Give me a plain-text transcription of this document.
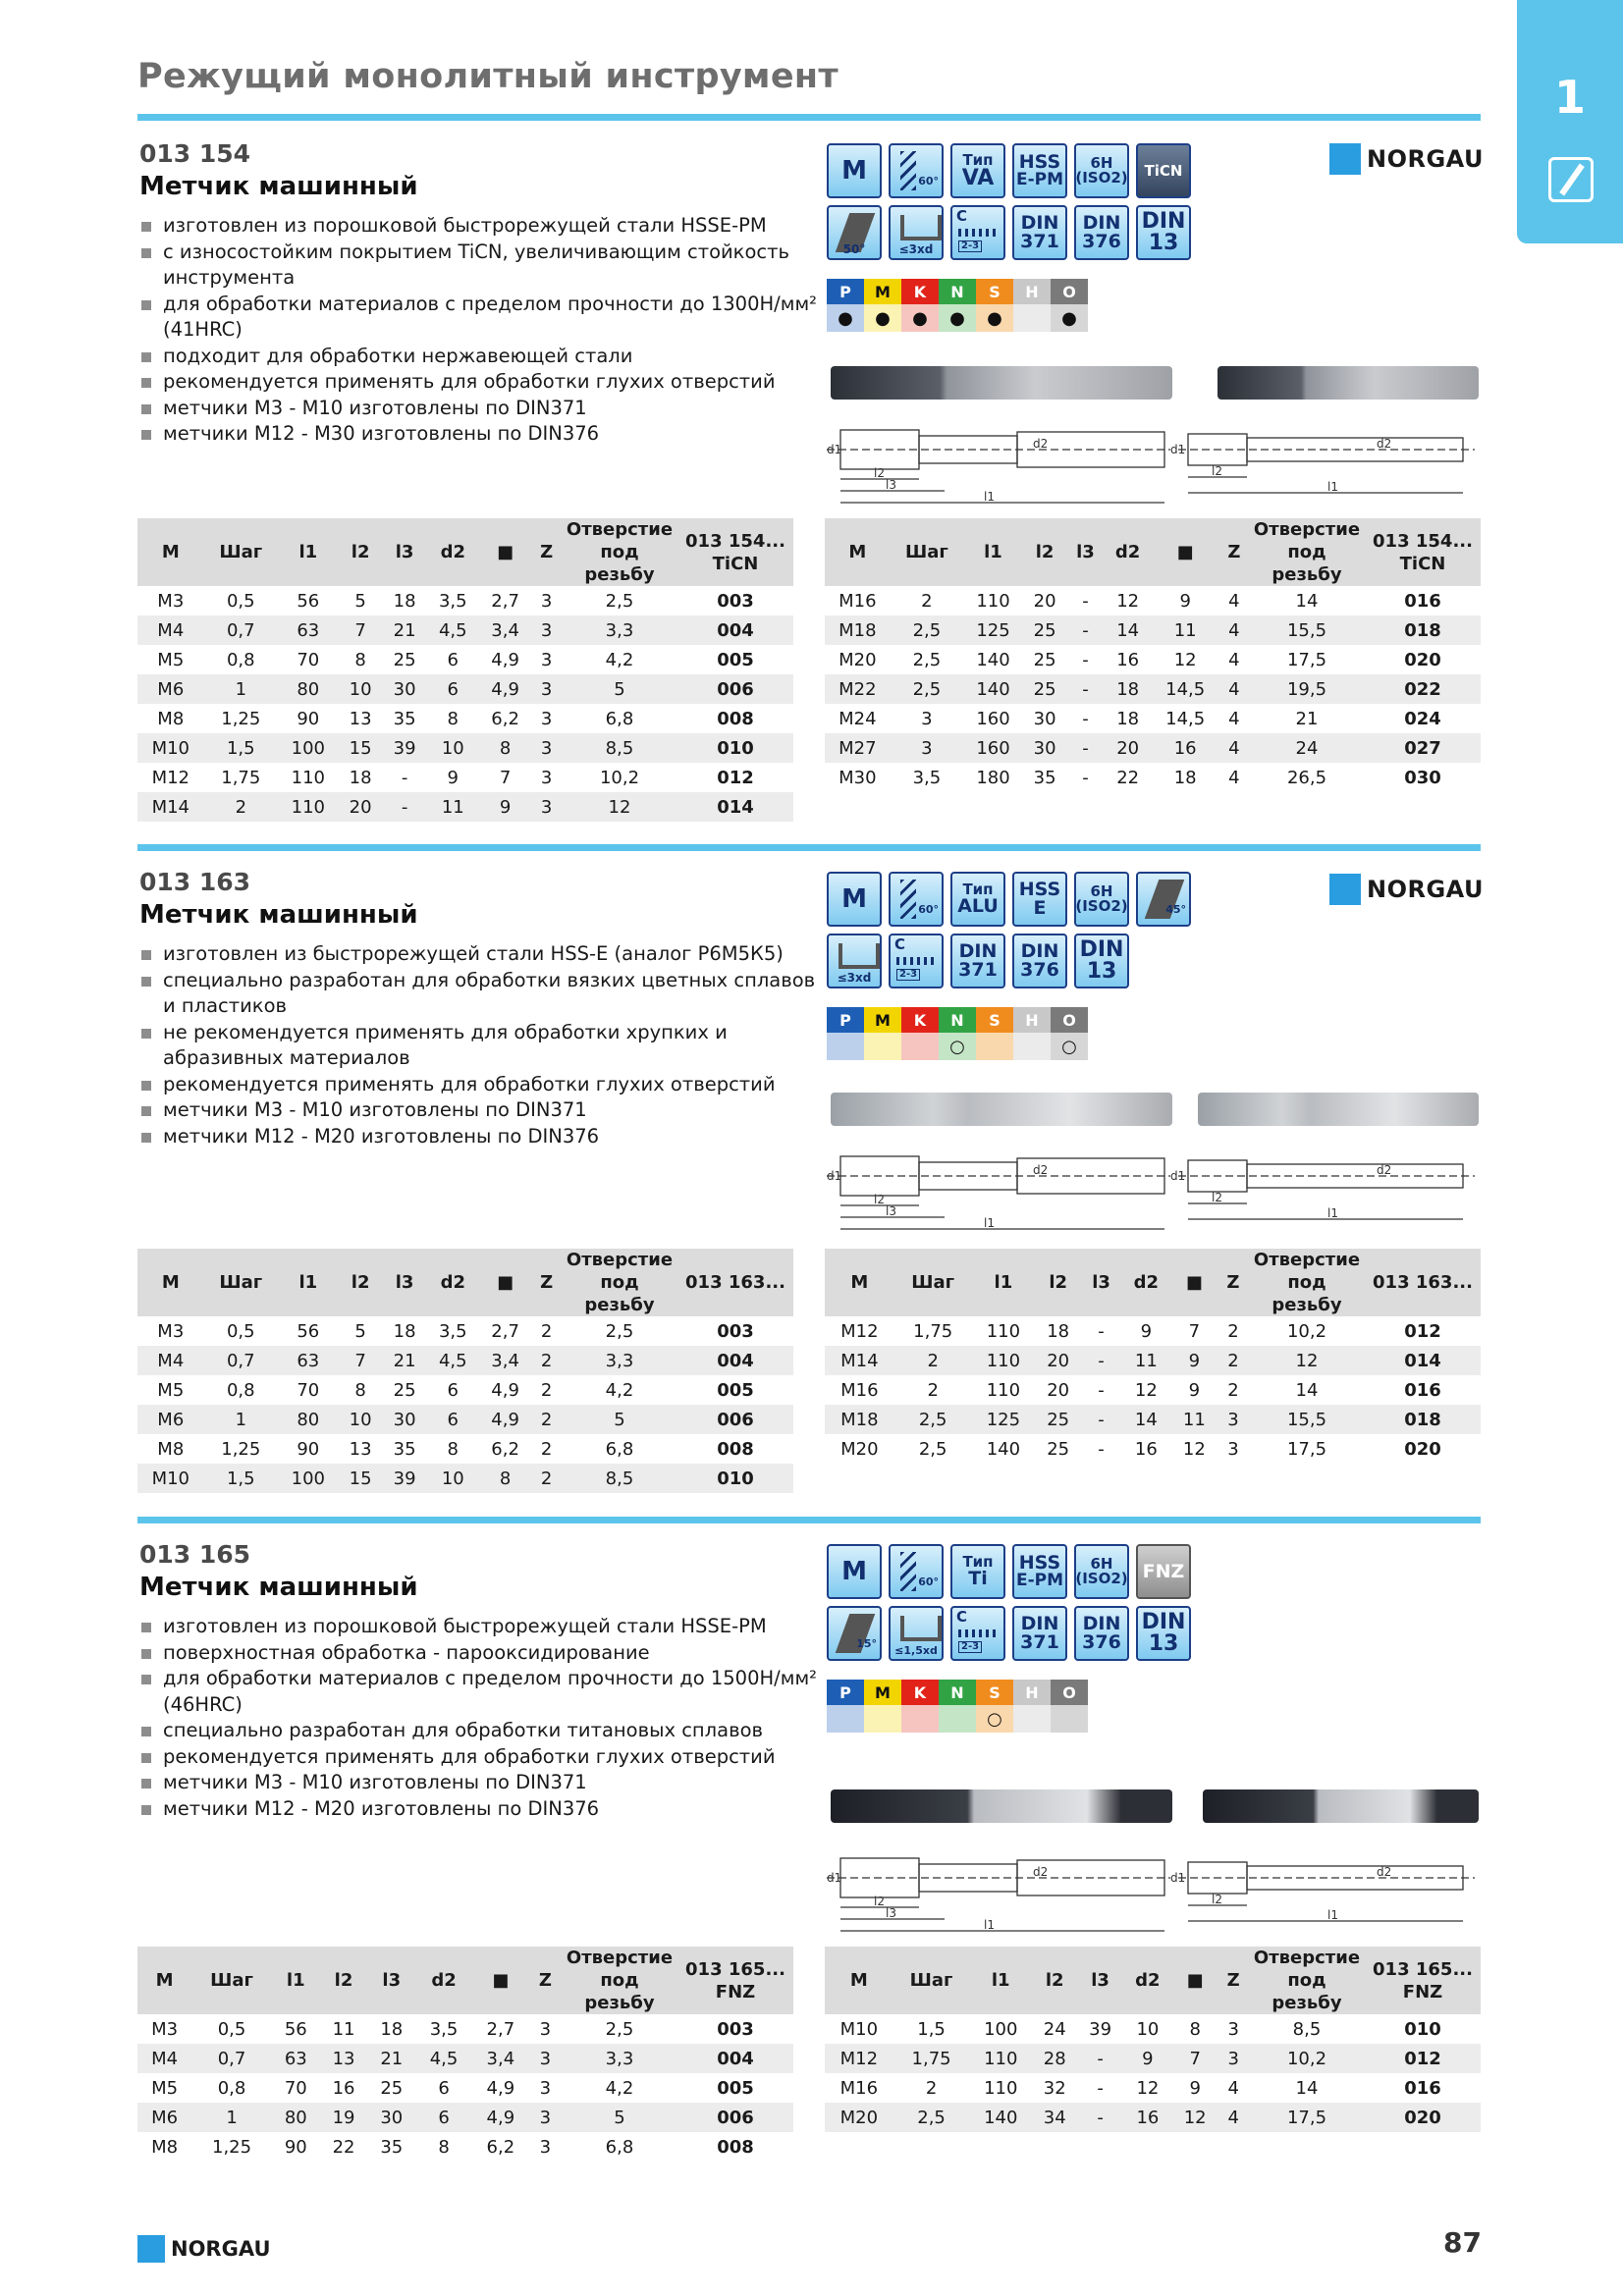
Режущий монолитный инструмент	1
013 154
Метчик машинный
изготовлен из порошковой быстрорежущей стали HSSE-PM
с износостойким покрытием TiCN, увеличивающим стойкость инструмента
для обработки материалов с пределом прочности до 1300Н/мм² (41HRC)
подходит для обработки нержавеющей стали
рекомендуется применять для обработки глухих отверстий
метчики M3 - M10 изготовлены по DIN371
метчики M12 - M30 изготовлены по DIN376
NORGAU
M	60°
Тип
VA
HSS
E-PM
6H
(ISO2) TiCN
50°	≤3xd
C
2-3
DIN
371
DIN
376
DIN
13
P	M	K	N	S	H	O
●	●	●	●	●	●
d1	d2
l2
l3
l1
d1	d2
l2
l1
M	Шаг	l1	l2	l3	d2	■	Z	Отверстие под резьбу	013 154... TiCN
M3	0,5	56	5	18	3,5	2,7	3	2,5	003
M4	0,7	63	7	21	4,5	3,4	3	3,3	004
M5	0,8	70	8	25	6	4,9	3	4,2	005
M6	1	80	10	30	6	4,9	3	5	006
M8	1,25	90	13	35	8	6,2	3	6,8	008
M10	1,5	100	15	39	10	8	3	8,5	010
M12	1,75	110	18	-	9	7	3	10,2	012
M14	2	110	20	-	11	9	3	12	014
M	Шаг	l1	l2	l3	d2	■	Z	Отверстие под резьбу	013 154... TiCN
M16	2	110	20	-	12	9	4	14	016
M18	2,5	125	25	-	14	11	4	15,5	018
M20	2,5	140	25	-	16	12	4	17,5	020
M22	2,5	140	25	-	18	14,5	4	19,5	022
M24	3	160	30	-	18	14,5	4	21	024
M27	3	160	30	-	20	16	4	24	027
M30	3,5	180	35	-	22	18	4	26,5	030
013 163
Метчик машинный
изготовлен из быстрорежущей стали HSS-E (аналог Р6М5К5)
специально разработан для обработки вязких цветных сплавов и пластиков
не рекомендуется применять для обработки хрупких и абразивных материалов
рекомендуется применять для обработки глухих отверстий
метчики M3 - M10 изготовлены по DIN371
метчики M12 - M20 изготовлены по DIN376
NORGAU
M	60°
Тип
ALU
HSS
E
6H
(ISO2)	45°
≤3xd
C
2-3
DIN
371
DIN
376
DIN
13
P	M	K	N	S	H	O
○	○
d1	d2
l2
l3
l1
d1	d2
l2
l1
M	Шаг	l1	l2	l3	d2	■	Z	Отверстие под резьбу	013 163...
M3	0,5	56	5	18	3,5	2,7	2	2,5	003
M4	0,7	63	7	21	4,5	3,4	2	3,3	004
M5	0,8	70	8	25	6	4,9	2	4,2	005
M6	1	80	10	30	6	4,9	2	5	006
M8	1,25	90	13	35	8	6,2	2	6,8	008
M10	1,5	100	15	39	10	8	2	8,5	010
M	Шаг	l1	l2	l3	d2	■	Z	Отверстие под резьбу	013 163...
M12	1,75	110	18	-	9	7	2	10,2	012
M14	2	110	20	-	11	9	2	12	014
M16	2	110	20	-	12	9	2	14	016
M18	2,5	125	25	-	14	11	3	15,5	018
M20	2,5	140	25	-	16	12	3	17,5	020
013 165
Метчик машинный
изготовлен из порошковой быстрорежущей стали HSSE-PM
поверхностная обработка - парооксидирование
для обработки материалов с пределом прочности до 1500Н/мм² (46HRC)
специально разработан для обработки титановых сплавов
рекомендуется применять для обработки глухих отверстий
метчики M3 - M10 изготовлены по DIN371
метчики M12 - M20 изготовлены по DIN376
M	60°
Тип
Ti
HSS
E-PM
6H
(ISO2) FNZ
15°
≤1,5xd
C
2-3
DIN
371
DIN
376
DIN
13
P	M	K	N	S	H	O
○
d1	d2
l2
l3
l1
d1	d2
l2
l1
M	Шаг	l1	l2	l3	d2	■	Z	Отверстие под резьбу	013 165... FNZ
M3	0,5	56	11	18	3,5	2,7	3	2,5	003
M4	0,7	63	13	21	4,5	3,4	3	3,3	004
M5	0,8	70	16	25	6	4,9	3	4,2	005
M6	1	80	19	30	6	4,9	3	5	006
M8	1,25	90	22	35	8	6,2	3	6,8	008
M	Шаг	l1	l2	l3	d2	■	Z	Отверстие под резьбу	013 165... FNZ
M10	1,5	100	24	39	10	8	3	8,5	010
M12	1,75	110	28	-	9	7	3	10,2	012
M16	2	110	32	-	12	9	4	14	016
M20	2,5	140	34	-	16	12	4	17,5	020
NORGAU	87
